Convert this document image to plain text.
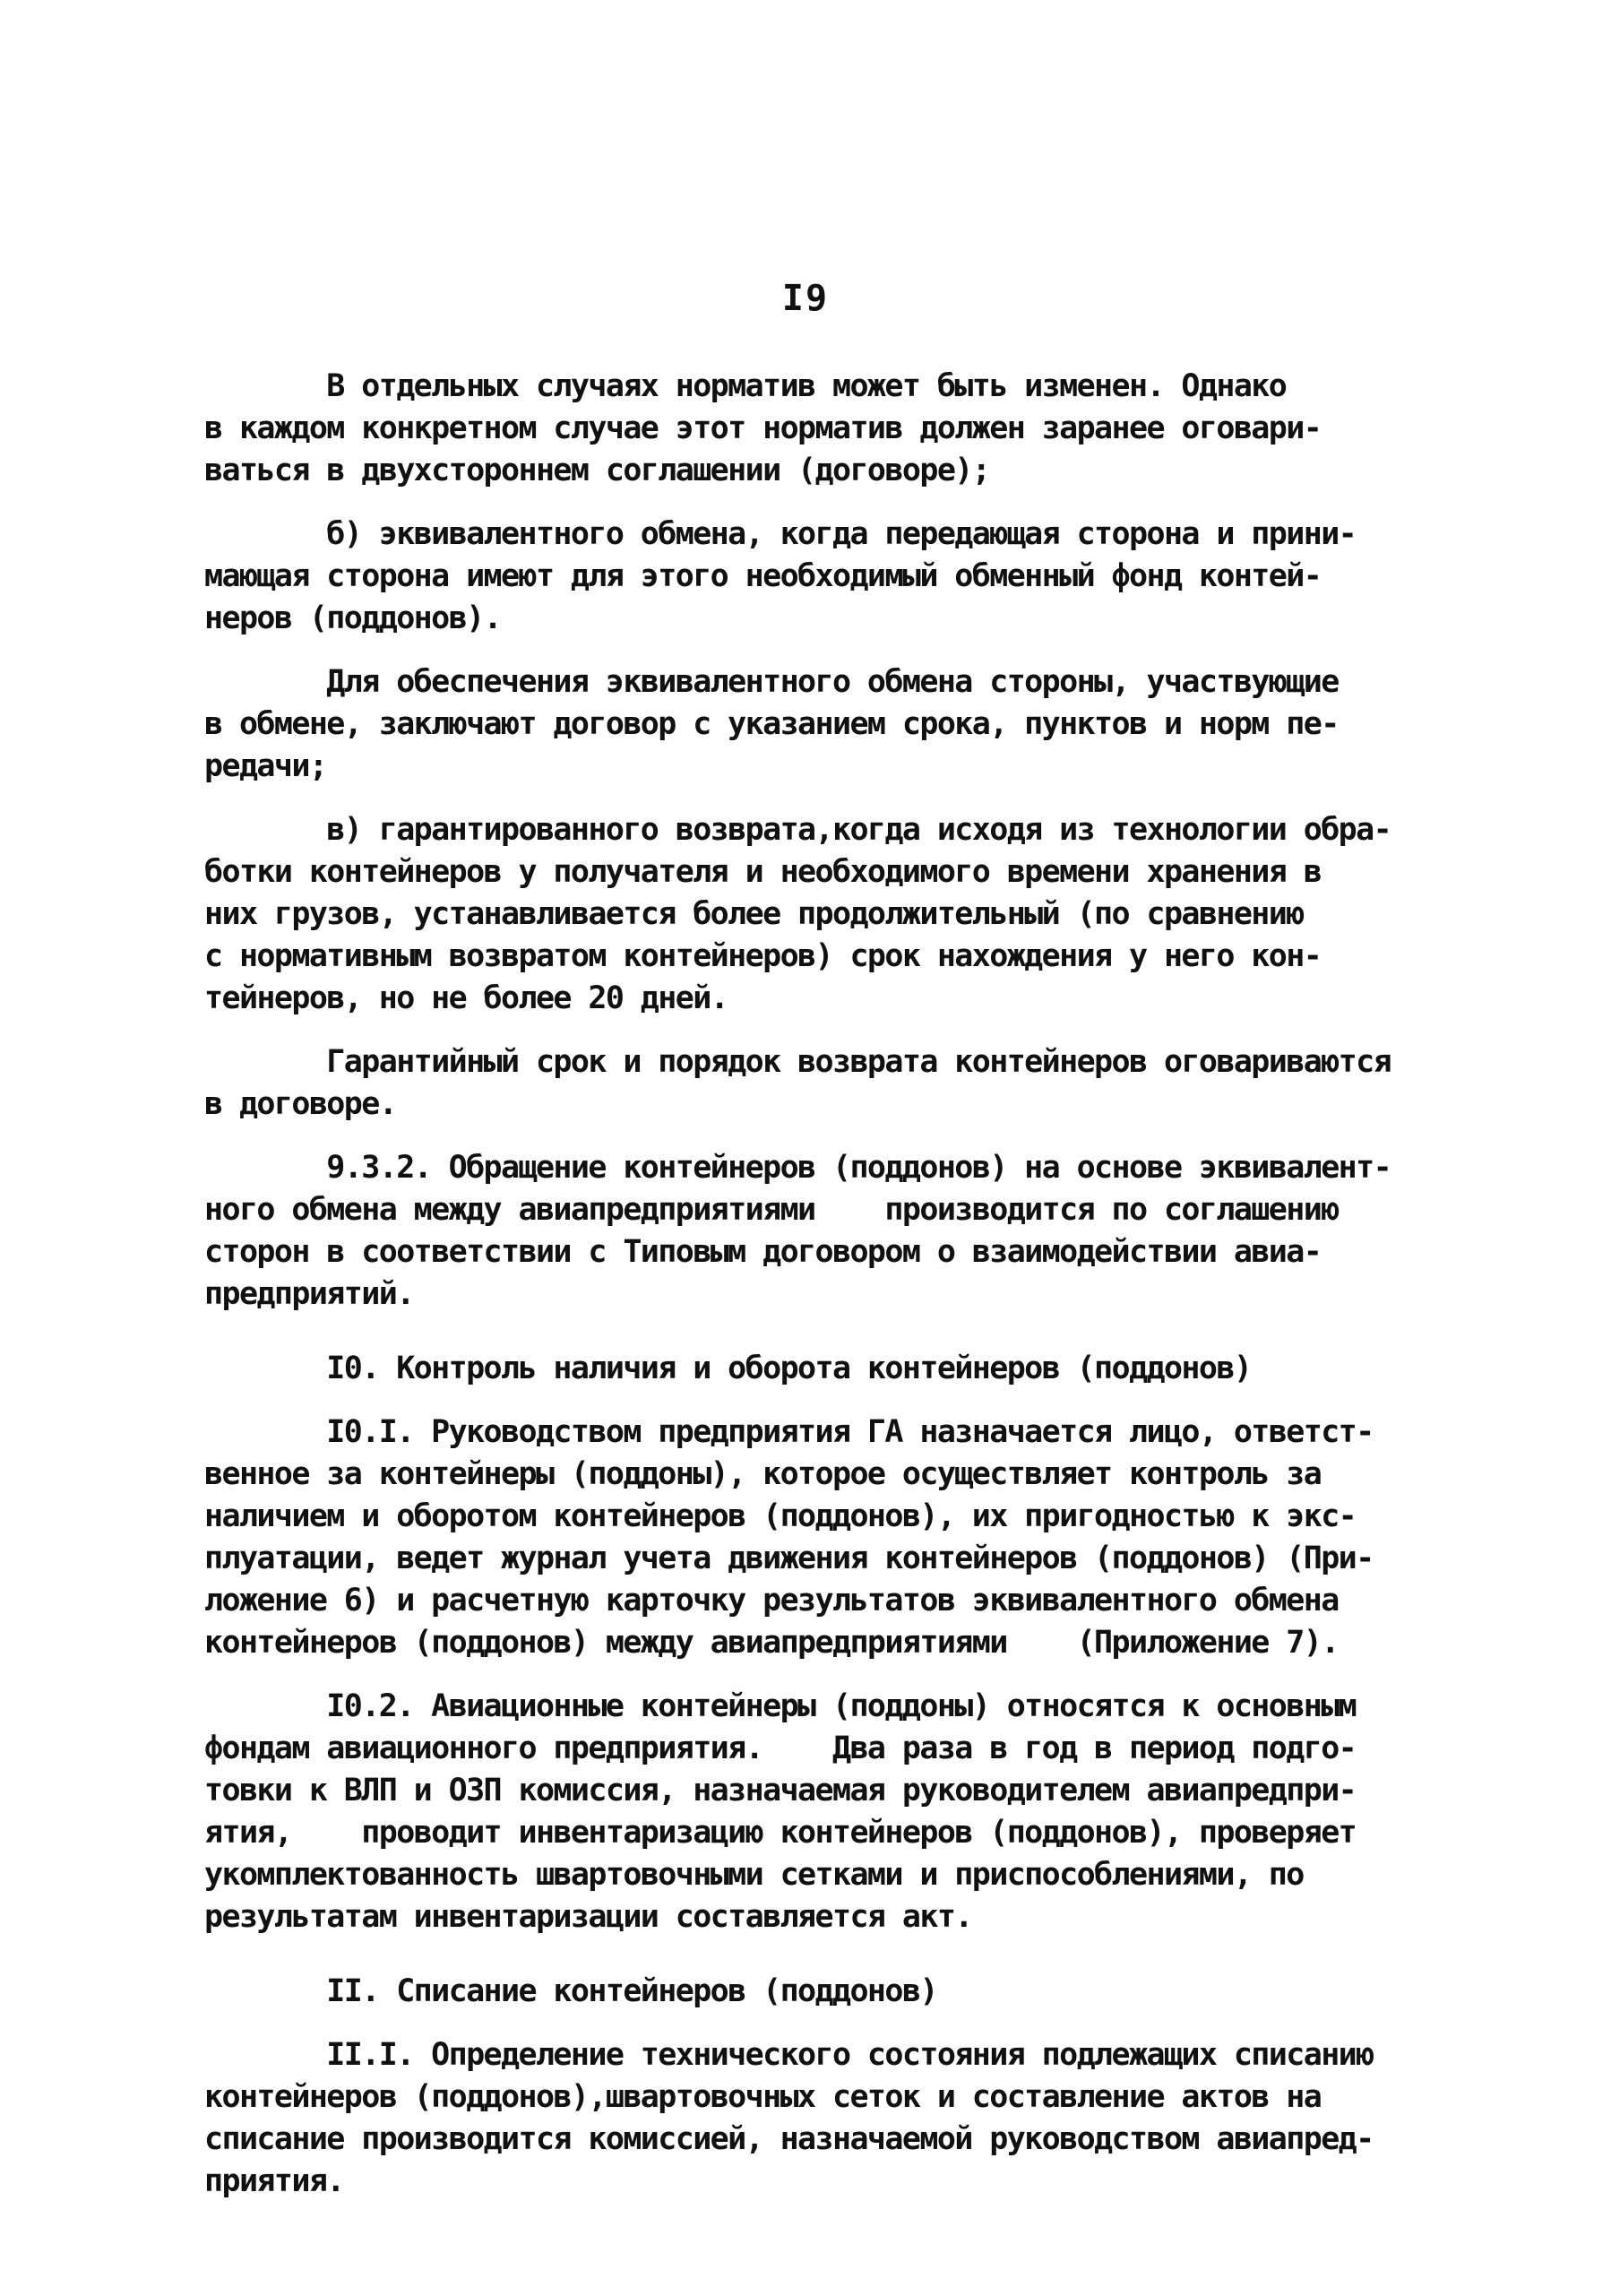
I9
В отдельных случаях норматив может быть изменен. Однако
в каждом конкретном случае этот норматив должен заранее оговари-
ваться в двухстороннем соглашении (договоре);
б) эквивалентного обмена, когда передающая сторона и прини-
мающая сторона имеют для этого необходимый обменный фонд контей-
неров (поддонов).
Для обеспечения эквивалентного обмена стороны, участвующие
в обмене, заключают договор с указанием срока, пунктов и норм пе-
редачи;
в) гарантированного возврата,когда исходя из технологии обра-
ботки контейнеров у получателя и необходимого времени хранения в
них грузов, устанавливается более продолжительный (по сравнению
с нормативным возвратом контейнеров) срок нахождения у него кон-
тейнеров, но не более 20 дней.
Гарантийный срок и порядок возврата контейнеров оговариваются
в договоре.
9.3.2. Обращение контейнеров (поддонов) на основе эквивалент-
ного обмена между авиапредприятиями    производится по соглашению
сторон в соответствии с Типовым договором о взаимодействии авиа-
предприятий.
I0. Контроль наличия и оборота контейнеров (поддонов)
I0.I. Руководством предприятия ГА назначается лицо, ответст-
венное за контейнеры (поддоны), которое осуществляет контроль за
наличием и оборотом контейнеров (поддонов), их пригодностью к экс-
плуатации, ведет журнал учета движения контейнеров (поддонов) (При-
ложение 6) и расчетную карточку результатов эквивалентного обмена
контейнеров (поддонов) между авиапредприятиями    (Приложение 7).
I0.2. Авиационные контейнеры (поддоны) относятся к основным
фондам авиационного предприятия.    Два раза в год в период подго-
товки к ВЛП и ОЗП комиссия, назначаемая руководителем авиапредпри-
ятия,    проводит инвентаризацию контейнеров (поддонов), проверяет
укомплектованность швартовочными сетками и приспособлениями, по
результатам инвентаризации составляется акт.
II. Списание контейнеров (поддонов)
II.I. Определение технического состояния подлежащих списанию
контейнеров (поддонов),швартовочных сеток и составление актов на
списание производится комиссией, назначаемой руководством авиапред-
приятия.
